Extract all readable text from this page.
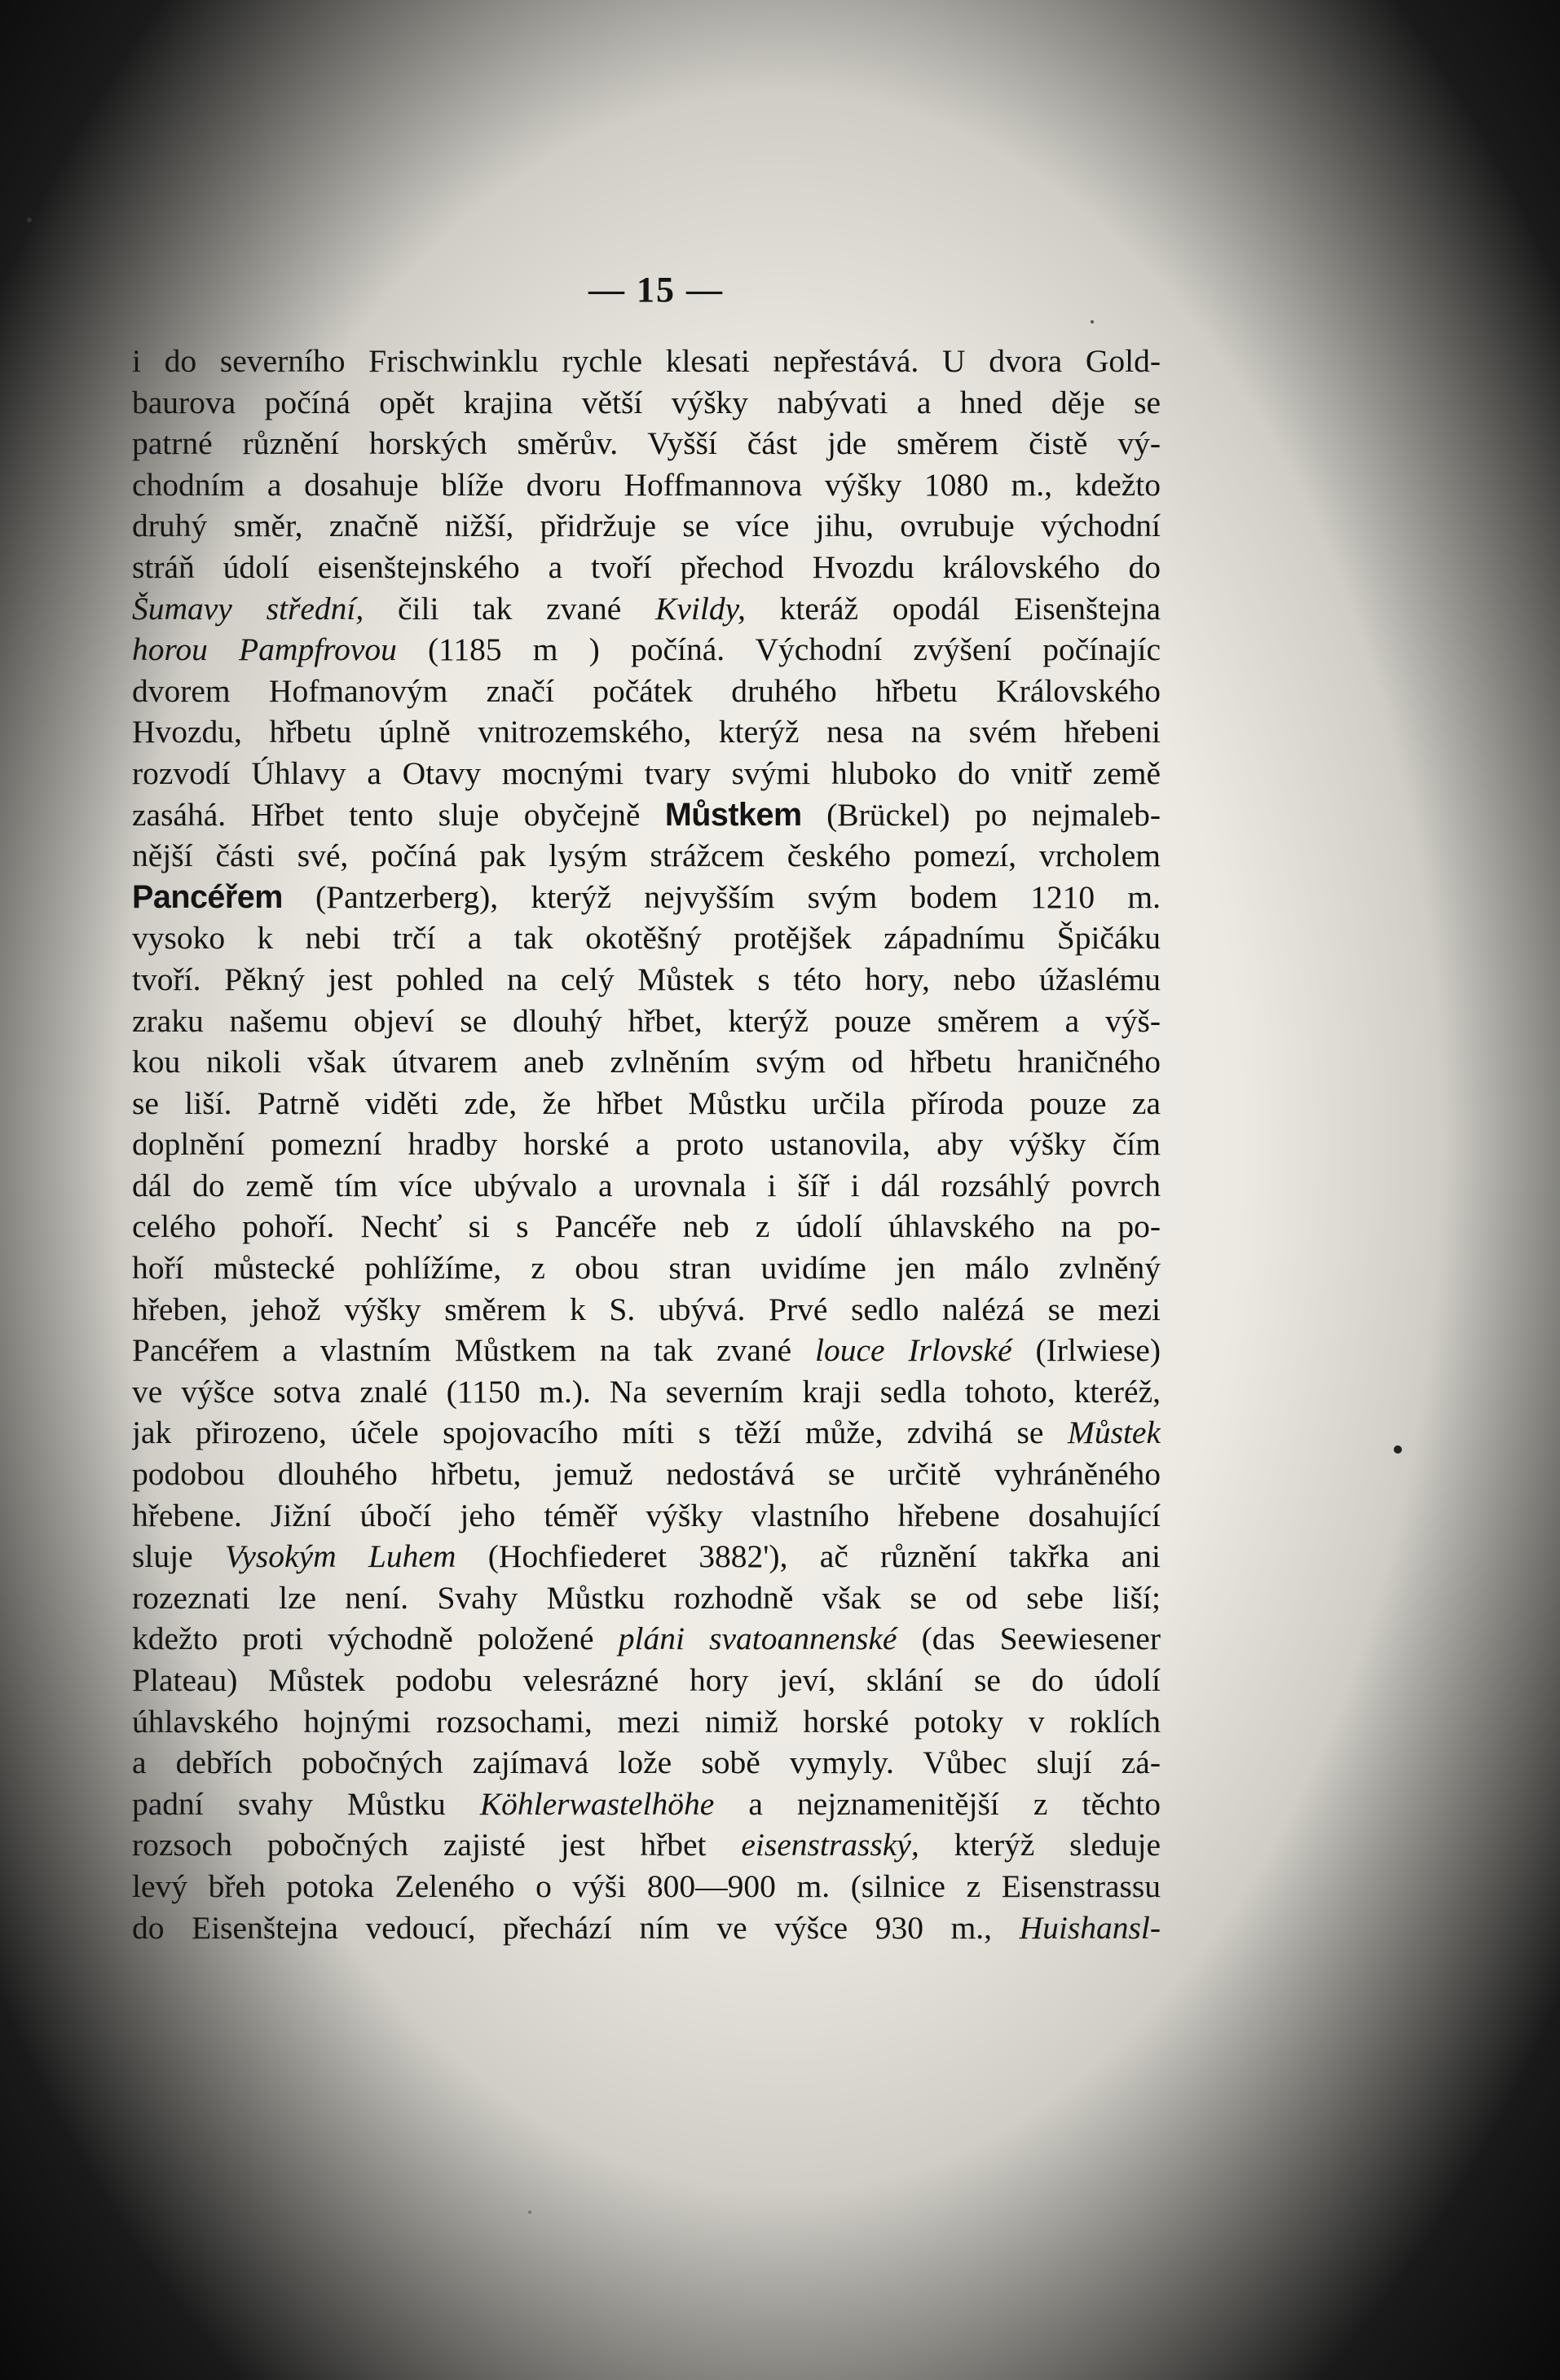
— 15 —
i do severního Frischwinklu rychle klesati nepřestává. U dvora Gold-
baurova počíná opět krajina větší výšky nabývati a hned děje se
patrné různění horských směrův. Vyšší část jde směrem čistě vý-
chodním a dosahuje blíže dvoru Hoffmannova výšky 1080 m., kdežto
druhý směr, značně nižší, přidržuje se více jihu, ovrubuje východní
stráň údolí eisenštejnského a tvoří přechod Hvozdu královského do
Šumavy střední, čili tak zvané Kvildy, kteráž opodál Eisenštejna
horou Pampfrovou (1185 m ) počíná. Východní zvýšení počínajíc
dvorem Hofmanovým značí počátek druhého hřbetu Královského
Hvozdu, hřbetu úplně vnitrozemského, kterýž nesa na svém hřebeni
rozvodí Úhlavy a Otavy mocnými tvary svými hluboko do vnitř země
zasáhá. Hřbet tento sluje obyčejně Můstkem (Brückel) po nejmaleb-
nější části své, počíná pak lysým strážcem českého pomezí, vrcholem
Pancéřem (Pantzerberg), kterýž nejvyšším svým bodem 1210 m.
vysoko k nebi trčí a tak okotěšný protějšek západnímu Špičáku
tvoří. Pěkný jest pohled na celý Můstek s této hory, nebo úžaslému
zraku našemu objeví se dlouhý hřbet, kterýž pouze směrem a výš-
kou nikoli však útvarem aneb zvlněním svým od hřbetu hraničného
se liší. Patrně viděti zde, že hřbet Můstku určila příroda pouze za
doplnění pomezní hradby horské a proto ustanovila, aby výšky čím
dál do země tím více ubývalo a urovnala i šíř i dál rozsáhlý povrch
celého pohoří. Nechť si s Pancéře neb z údolí úhlavského na po-
hoří můstecké pohlížíme, z obou stran uvidíme jen málo zvlněný
hřeben, jehož výšky směrem k S. ubývá. Prvé sedlo nalézá se mezi
Pancéřem a vlastním Můstkem na tak zvané louce Irlovské (Irlwiese)
ve výšce sotva znalé (1150 m.). Na severním kraji sedla tohoto, kteréž,
jak přirozeno, účele spojovacího míti s těží může, zdvihá se Můstek
podobou dlouhého hřbetu, jemuž nedostává se určitě vyhráněného
hřebene. Jižní úbočí jeho téměř výšky vlastního hřebene dosahující
sluje Vysokým Luhem (Hochfiederet 3882'), ač různění takřka ani
rozeznati lze není. Svahy Můstku rozhodně však se od sebe liší;
kdežto proti východně položené pláni svatoannenské (das Seewiesener
Plateau) Můstek podobu velesrázné hory jeví, sklání se do údolí
úhlavského hojnými rozsochami, mezi nimiž horské potoky v roklích
a debřích pobočných zajímavá lože sobě vymyly. Vůbec slují zá-
padní svahy Můstku Köhlerwastelhöhe a nejznamenitější z těchto
rozsoch pobočných zajisté jest hřbet eisenstrasský, kterýž sleduje
levý břeh potoka Zeleného o výši 800—900 m. (silnice z Eisenstrassu
do Eisenštejna vedoucí, přechází ním ve výšce 930 m., Huishansl-
